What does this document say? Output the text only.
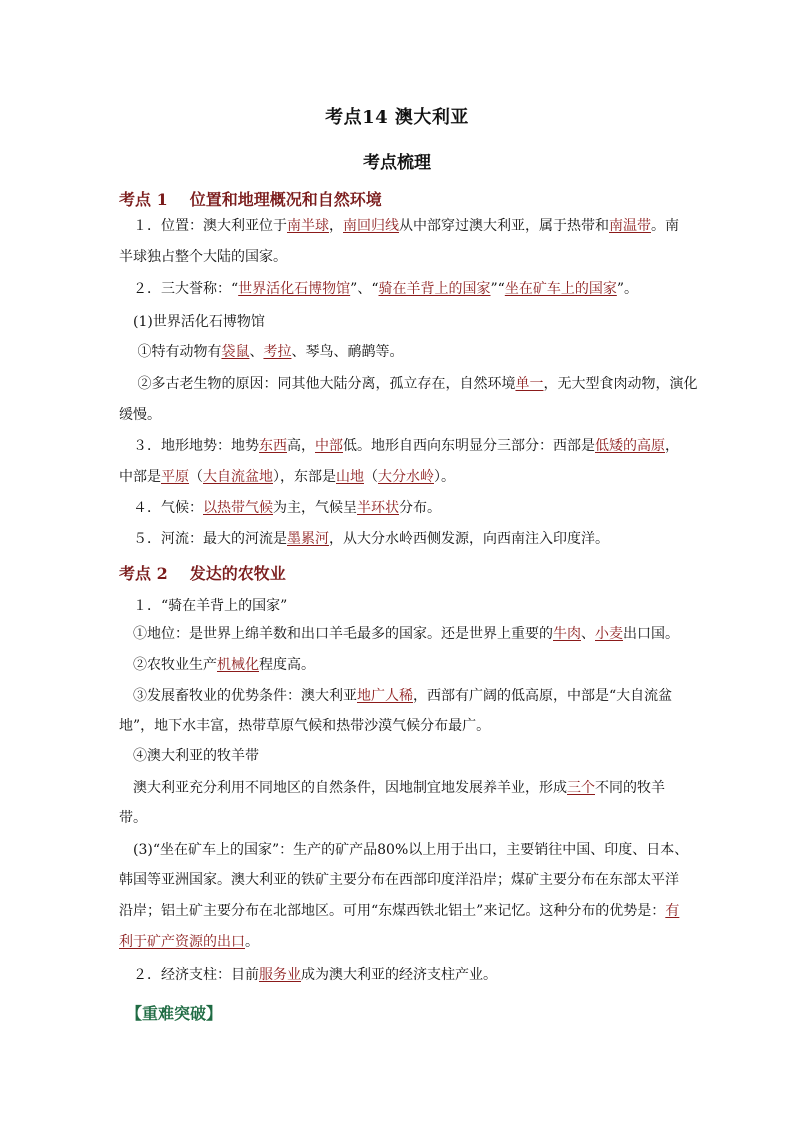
考点14 澳大利亚
考点梳理
考点 1 位置和地理概况和自然环境
　１．位置：澳大利亚位于南半球，南回归线从中部穿过澳大利亚，属于热带和南温带。南
半球独占整个大陆的国家。
　２．三大誉称：“世界活化石博物馆”、“骑在羊背上的国家”“坐在矿车上的国家”。
　(1)世界活化石博物馆
　 ①特有动物有袋鼠、考拉、琴鸟、鸸鹋等。
　 ②多古老生物的原因：同其他大陆分离，孤立存在，自然环境单一，无大型食肉动物，演化
缓慢。
　３．地形地势：地势东西高，中部低。地形自西向东明显分三部分：西部是低矮的高原，
中部是平原（大自流盆地），东部是山地（大分水岭）。
　４．气候：以热带气候为主，气候呈半环状分布。
　５．河流：最大的河流是墨累河，从大分水岭西侧发源，向西南注入印度洋。
　１．“骑在羊背上的国家”
　①地位：是世界上绵羊数和出口羊毛最多的国家。还是世界上重要的牛肉、小麦出口国。
　②农牧业生产机械化程度高。
　③发展畜牧业的优势条件：澳大利亚地广人稀，西部有广阔的低高原，中部是“大自流盆
地”，地下水丰富，热带草原气候和热带沙漠气候分布最广。
　④澳大利亚的牧羊带
　澳大利亚充分利用不同地区的自然条件，因地制宜地发展养羊业，形成三个不同的牧羊
带。
　(3)“坐在矿车上的国家”：生产的矿产品80%以上用于出口，主要销往中国、印度、日本、
韩国等亚洲国家。澳大利亚的铁矿主要分布在西部印度洋沿岸；煤矿主要分布在东部太平洋
沿岸；铝土矿主要分布在北部地区。可用“东煤西铁北铝土”来记忆。这种分布的优势是：有
利于矿产资源的出口。
　２．经济支柱：目前服务业成为澳大利亚的经济支柱产业。
考点 2 发达的农牧业
【重难突破】
